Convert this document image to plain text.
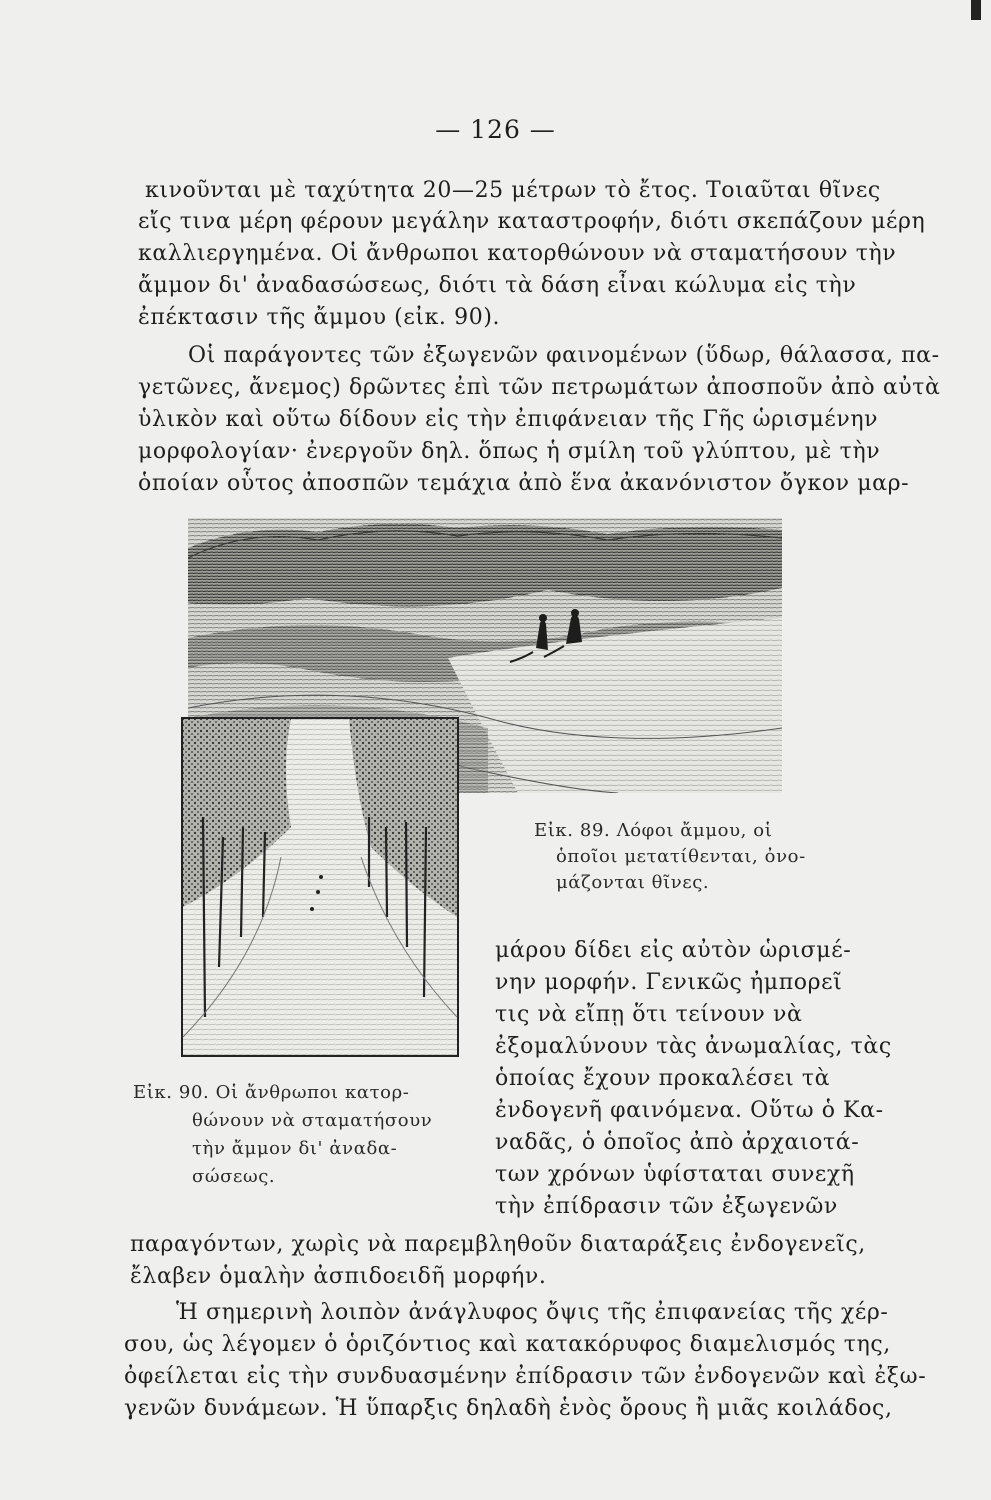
— 126 —
κινοῦνται μὲ ταχύτητα 20—25 μέτρων τὸ ἔτος. Τοιαῦται θῖνες
εἴς τινα μέρη φέρουν μεγάλην καταστροφήν, διότι σκεπάζουν μέρη
καλλιεργημένα. Οἱ ἄνθρωποι κατορθώνουν νὰ σταματήσουν τὴν
ἄμμον δι' ἀναδασώσεως, διότι τὰ δάση εἶναι κώλυμα εἰς τὴν
ἐπέκτασιν τῆς ἄμμου (εἰκ. 90).
Οἱ παράγοντες τῶν ἐξωγενῶν φαινομένων (ὕδωρ, θάλασσα, πα-
γετῶνες, ἄνεμος) δρῶντες ἐπὶ τῶν πετρωμάτων ἀποσποῦν ἀπὸ αὐτὰ
ὑλικὸν καὶ οὕτω δίδουν εἰς τὴν ἐπιφάνειαν τῆς Γῆς ὡρισμένην
μορφολογίαν· ἐνεργοῦν δηλ. ὅπως ἡ σμίλη τοῦ γλύπτου, μὲ τὴν
ὁποίαν οὗτος ἀποσπῶν τεμάχια ἀπὸ ἕνα ἀκανόνιστον ὄγκον μαρ-
Εἰκ. 89. Λόφοι ἄμμου, οἱ
ὁποῖοι μετατίθενται, ὀνο-
μάζονται θῖνες.
μάρου δίδει εἰς αὐτὸν ὡρισμέ-
νην μορφήν. Γενικῶς ἠμπορεῖ
τις νὰ εἴπῃ ὅτι τείνουν νὰ
ἐξομαλύνουν τὰς ἀνωμαλίας, τὰς
ὁποίας ἔχουν προκαλέσει τὰ
ἐνδογενῆ φαινόμενα. Οὕτω ὁ Κα-
ναδᾶς, ὁ ὁποῖος ἀπὸ ἀρχαιοτά-
των χρόνων ὑφίσταται συνεχῆ
τὴν ἐπίδρασιν τῶν ἐξωγενῶν
Εἰκ. 90. Οἱ ἄνθρωποι κατορ-
θώνουν νὰ σταματήσουν
τὴν ἄμμον δι' ἀναδα-
σώσεως.
παραγόντων, χωρὶς νὰ παρεμβληθοῦν διαταράξεις ἐνδογενεῖς,
ἔλαβεν ὁμαλὴν ἀσπιδοειδῆ μορφήν.
Ἡ σημερινὴ λοιπὸν ἀνάγλυφος ὄψις τῆς ἐπιφανείας τῆς χέρ-
σου, ὡς λέγομεν ὁ ὁριζόντιος καὶ κατακόρυφος διαμελισμός της,
ὀφείλεται εἰς τὴν συνδυασμένην ἐπίδρασιν τῶν ἐνδογενῶν καὶ ἐξω-
γενῶν δυνάμεων. Ἡ ὕπαρξις δηλαδὴ ἑνὸς ὄρους ἢ μιᾶς κοιλάδος,
